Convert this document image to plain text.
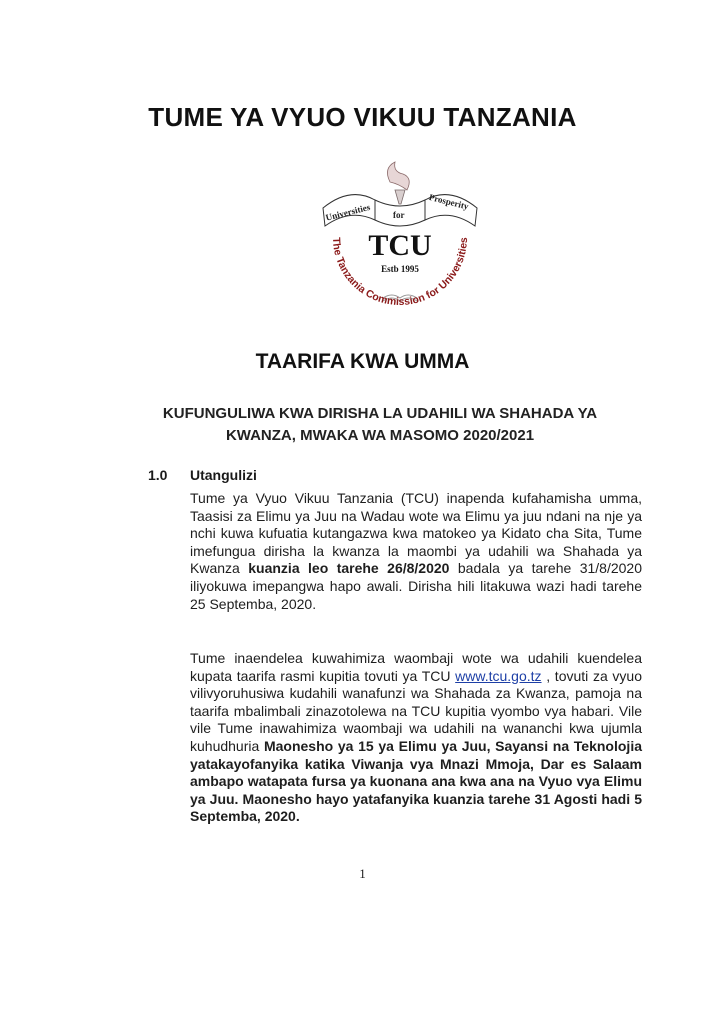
TUME YA VYUO VIKUU TANZANIA
Universities for
Prosperity
TCU
Estb 1995
The Tanzania Commission for Universities
TAARIFA KWA UMMA
KUFUNGULIWA KWA DIRISHA LA UDAHILI WA SHAHADA YA
KWANZA, MWAKA WA MASOMO 2020/2021
1.0 Utangulizi
Tume ya Vyuo Vikuu Tanzania (TCU) inapenda kufahamisha umma, Taasisi za Elimu ya Juu na Wadau wote wa Elimu ya juu ndani na nje ya nchi kuwa kufuatia kutangazwa kwa matokeo ya Kidato cha Sita, Tume imefungua dirisha la kwanza la maombi ya udahili wa Shahada ya Kwanza kuanzia leo tarehe 26/8/2020 badala ya tarehe 31/8/2020 iliyokuwa imepangwa hapo awali. Dirisha hili litakuwa wazi hadi tarehe 25 Septemba, 2020.
Tume inaendelea kuwahimiza waombaji wote wa udahili kuendelea kupata taarifa rasmi kupitia tovuti ya TCU www.tcu.go.tz , tovuti za vyuo vilivyoruhusiwa kudahili wanafunzi wa Shahada za Kwanza, pamoja na taarifa mbalimbali zinazotolewa na TCU kupitia vyombo vya habari. Vile vile Tume inawahimiza waombaji wa udahili na wananchi kwa ujumla kuhudhuria Maonesho ya 15 ya Elimu ya Juu, Sayansi na Teknolojia yatakayofanyika katika Viwanja vya Mnazi Mmoja, Dar es Salaam ambapo watapata fursa ya kuonana ana kwa ana na Vyuo vya Elimu ya Juu. Maonesho hayo yatafanyika kuanzia tarehe 31 Agosti hadi 5 Septemba, 2020.
1
